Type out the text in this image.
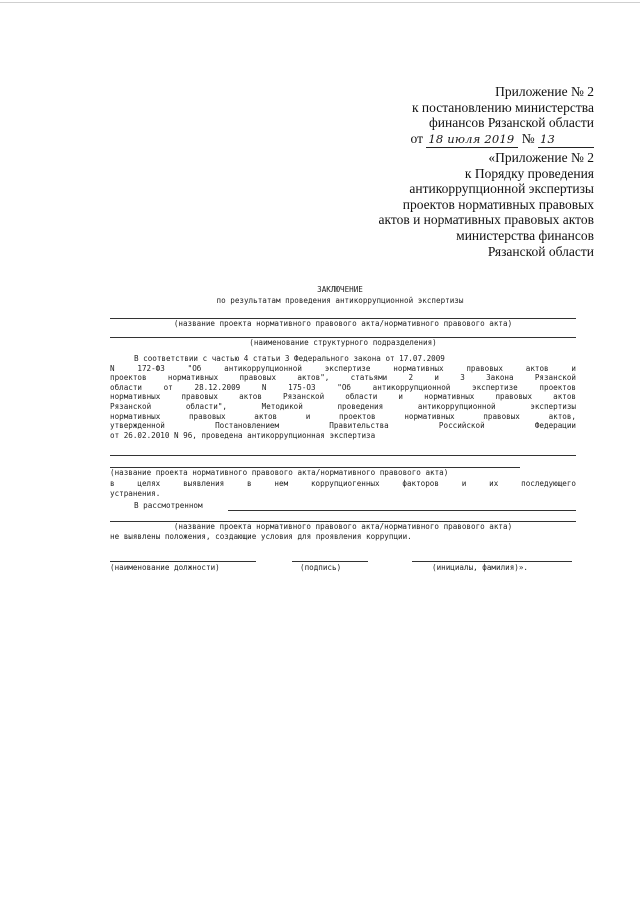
Приложение № 2
к постановлению министерства
финансов Рязанской области
от 18 июля 2019 № 13
«Приложение № 2
к Порядку проведения
антикоррупционной экспертизы
проектов нормативных правовых
актов и нормативных правовых актов
министерства финансов
Рязанской области
ЗАКЛЮЧЕНИЕ
по результатам проведения антикоррупционной экспертизы
(название проекта нормативного правового акта/нормативного правового акта)
(наименование структурного подразделения)
В соответствии с частью 4 статьи 3 Федерального закона от 17.07.2009
N 172-ФЗ "Об антикоррупционной экспертизе нормативных правовых актов и
проектов нормативных правовых актов", статьями 2 и 3 Закона Рязанской
области от 28.12.2009 N 175-ОЗ "Об антикоррупционной экспертизе проектов
нормативных правовых актов Рязанской области и нормативных правовых актов
Рязанской области", Методикой проведения антикоррупционной экспертизы
нормативных правовых актов и проектов нормативных правовых актов,
утвержденной Постановлением Правительства Российской Федерации
от 26.02.2010 N 96, проведена антикоррупционная экспертиза
(название проекта нормативного правового акта/нормативного правового акта)
в целях выявления в нем коррупциогенных факторов и их последующего
устранения.
В рассмотренном
(название проекта нормативного правового акта/нормативного правового акта)
не выявлены положения, создающие условия для проявления коррупции.
(наименование должности)	(подпись)	(инициалы, фамилия)».
